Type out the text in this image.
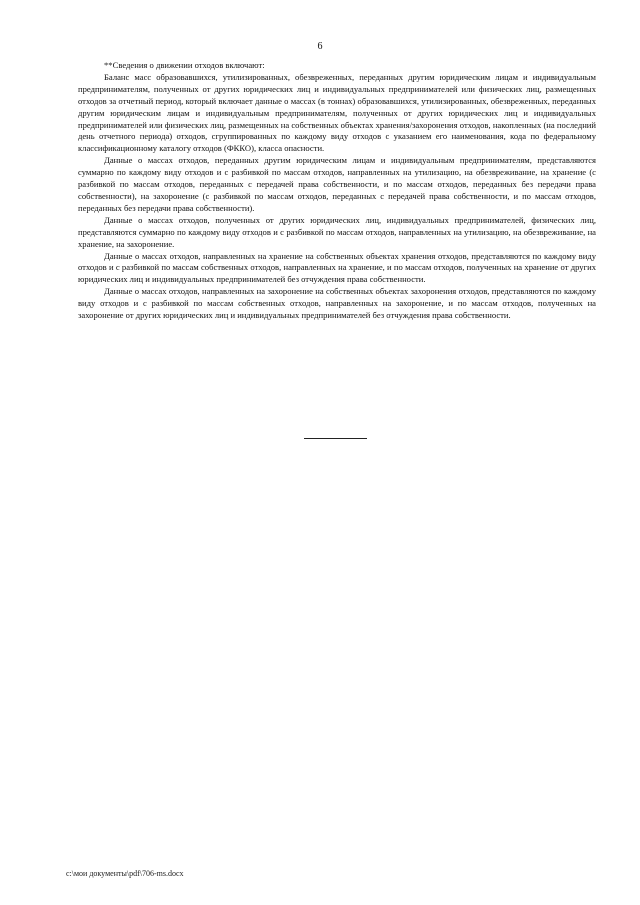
6

**Сведения о движении отходов включают:

Баланс масс образовавшихся, утилизированных, обезвреженных, переданных другим юридическим лицам и индивидуальным предпринимателям, полученных от других юридических лиц и индивидуальных предпринимателей или физических лиц, размещенных отходов за отчетный период, который включает данные о массах (в тоннах) образовавшихся, утилизированных, обезвреженных, переданных другим юридическим лицам и индивидуальным предпринимателям, полученных от других юридических лиц и индивидуальных предпринимателей или физических лиц, размещенных на собственных объектах хранения/захоронения отходов, накопленных (на последний день отчетного периода) отходов, сгруппированных по каждому виду отходов с указанием его наименования, кода по федеральному классификационному каталогу отходов (ФККО), класса опасности.

Данные о массах отходов, переданных другим юридическим лицам и индивидуальным предпринимателям, представляются суммарно по каждому виду отходов и с разбивкой по массам отходов, направленных на утилизацию, на обезвреживание, на хранение (с разбивкой по массам отходов, переданных с передачей права собственности, и по массам отходов, переданных без передачи права собственности), на захоронение (с разбивкой по массам отходов, переданных с передачей права собственности, и по массам отходов, переданных без передачи права собственности).

Данные о массах отходов, полученных от других юридических лиц, индивидуальных предпринимателей, физических лиц, представляются суммарно по каждому виду отходов и с разбивкой по массам отходов, направленных на утилизацию, на обезвреживание, на хранение, на захоронение.

Данные о массах отходов, направленных на хранение на собственных объектах хранения отходов, представляются по каждому виду отходов и с разбивкой по массам собственных отходов, направленных на хранение, и по массам отходов, полученных на хранение от других юридических лиц и индивидуальных предпринимателей без отчуждения права собственности.

Данные о массах отходов, направленных на захоронение на собственных объектах захоронения отходов, представляются по каждому виду отходов и с разбивкой по массам собственных отходов, направленных на захоронение, и по массам отходов, полученных на захоронение от других юридических лиц и индивидуальных предпринимателей без отчуждения права собственности.

c:\мои документы\pdf\706-ms.docx
